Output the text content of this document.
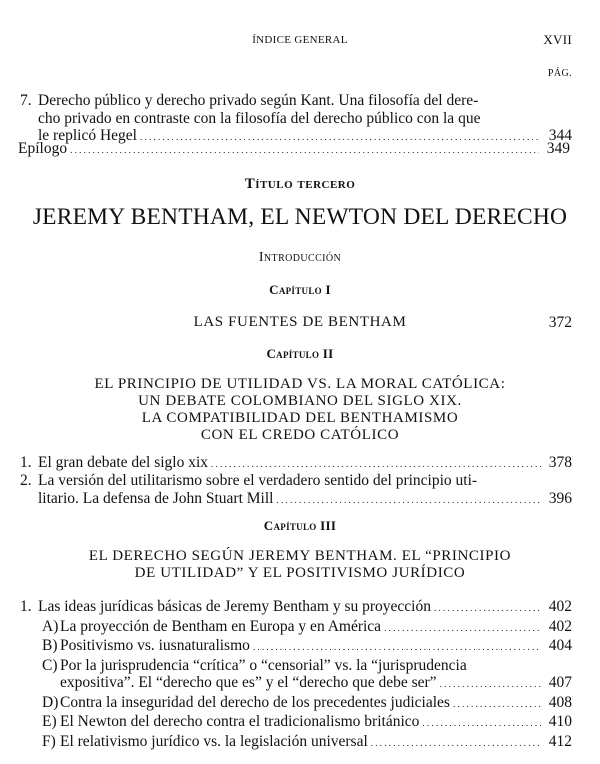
ÍNDICE GENERAL	XVII
PÁG.
7. Derecho público y derecho privado según Kant. Una filosofía del dere-
cho privado en contraste con la filosofía del derecho público con la que
le replicó Hegel . . .	344
Epílogo . . .	349
Título tercero
JEREMY BENTHAM, EL NEWTON DEL DERECHO
Introducción
Capítulo I
LAS FUENTES DE BENTHAM	372
Capítulo II
EL PRINCIPIO DE UTILIDAD VS. LA MORAL CATÓLICA:
UN DEBATE COLOMBIANO DEL SIGLO XIX.
LA COMPATIBILIDAD DEL BENTHAMISMO
CON EL CREDO CATÓLICO
1. El gran debate del siglo xix . . .	378
2. La versión del utilitarismo sobre el verdadero sentido del principio uti-
litario. La defensa de John Stuart Mill . . .	396
Capítulo III
EL DERECHO SEGÚN JEREMY BENTHAM. EL “PRINCIPIO
DE UTILIDAD” Y EL POSITIVISMO JURÍDICO
1. Las ideas jurídicas básicas de Jeremy Bentham y su proyección . . .	402
A) La proyección de Bentham en Europa y en América . . .	402
B) Positivismo vs. iusnaturalismo . . .	404
C) Por la jurisprudencia “crítica” o “censorial” vs. la “jurisprudencia
expositiva”. El “derecho que es” y el “derecho que debe ser” . . .	407
D) Contra la inseguridad del derecho de los precedentes judiciales . . .	408
E) El Newton del derecho contra el tradicionalismo británico . . .	410
F) El relativismo jurídico vs. la legislación universal . . .	412
